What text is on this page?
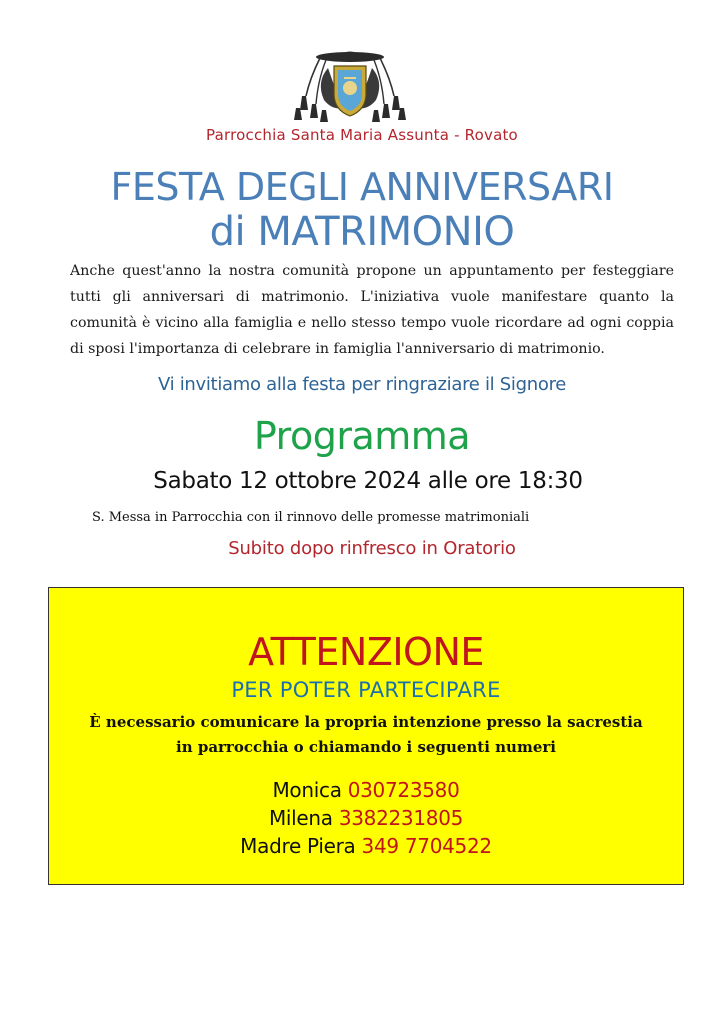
Parrocchia Santa Maria Assunta - Rovato
FESTA DEGLI ANNIVERSARI
di MATRIMONIO
Anche quest'anno la nostra comunità propone un appuntamento per festeggiare tutti gli anniversari di matrimonio. L'iniziativa vuole manifestare quanto la comunità è vicino alla famiglia e nello stesso tempo vuole ricordare ad ogni coppia di sposi l'importanza di celebrare in famiglia l'anniversario di matrimonio.
Vi invitiamo alla festa per ringraziare il Signore
Programma
Sabato 12 ottobre 2024 alle ore 18:30
S. Messa in Parrocchia con il rinnovo delle promesse matrimoniali
Subito dopo rinfresco in Oratorio
ATTENZIONE
PER POTER PARTECIPARE
È necessario comunicare la propria intenzione presso la sacrestia
in parrocchia o chiamando i seguenti numeri
Monica 030723580
Milena 3382231805
Madre Piera 349 7704522
